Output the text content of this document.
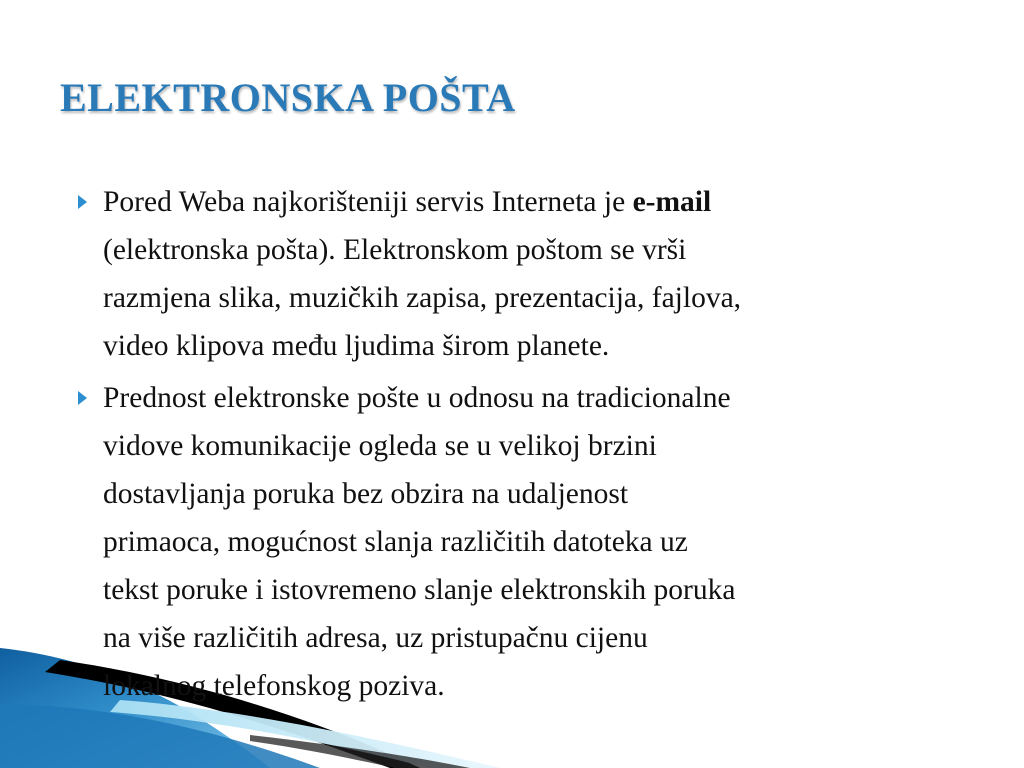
ELEKTRONSKA POŠTA
Pored Weba najkorišteniji servis Interneta je e-mail
(elektronska pošta). Elektronskom poštom se vrši
razmjena slika, muzičkih zapisa, prezentacija, fajlova,
video klipova među ljudima širom planete.
Prednost elektronske pošte u odnosu na tradicionalne
vidove komunikacije ogleda se u velikoj brzini
dostavljanja poruka bez obzira na udaljenost
primaoca, mogućnost slanja različitih datoteka uz
tekst poruke i istovremeno slanje elektronskih poruka
na više različitih adresa, uz pristupačnu cijenu
lokalnog telefonskog poziva.
